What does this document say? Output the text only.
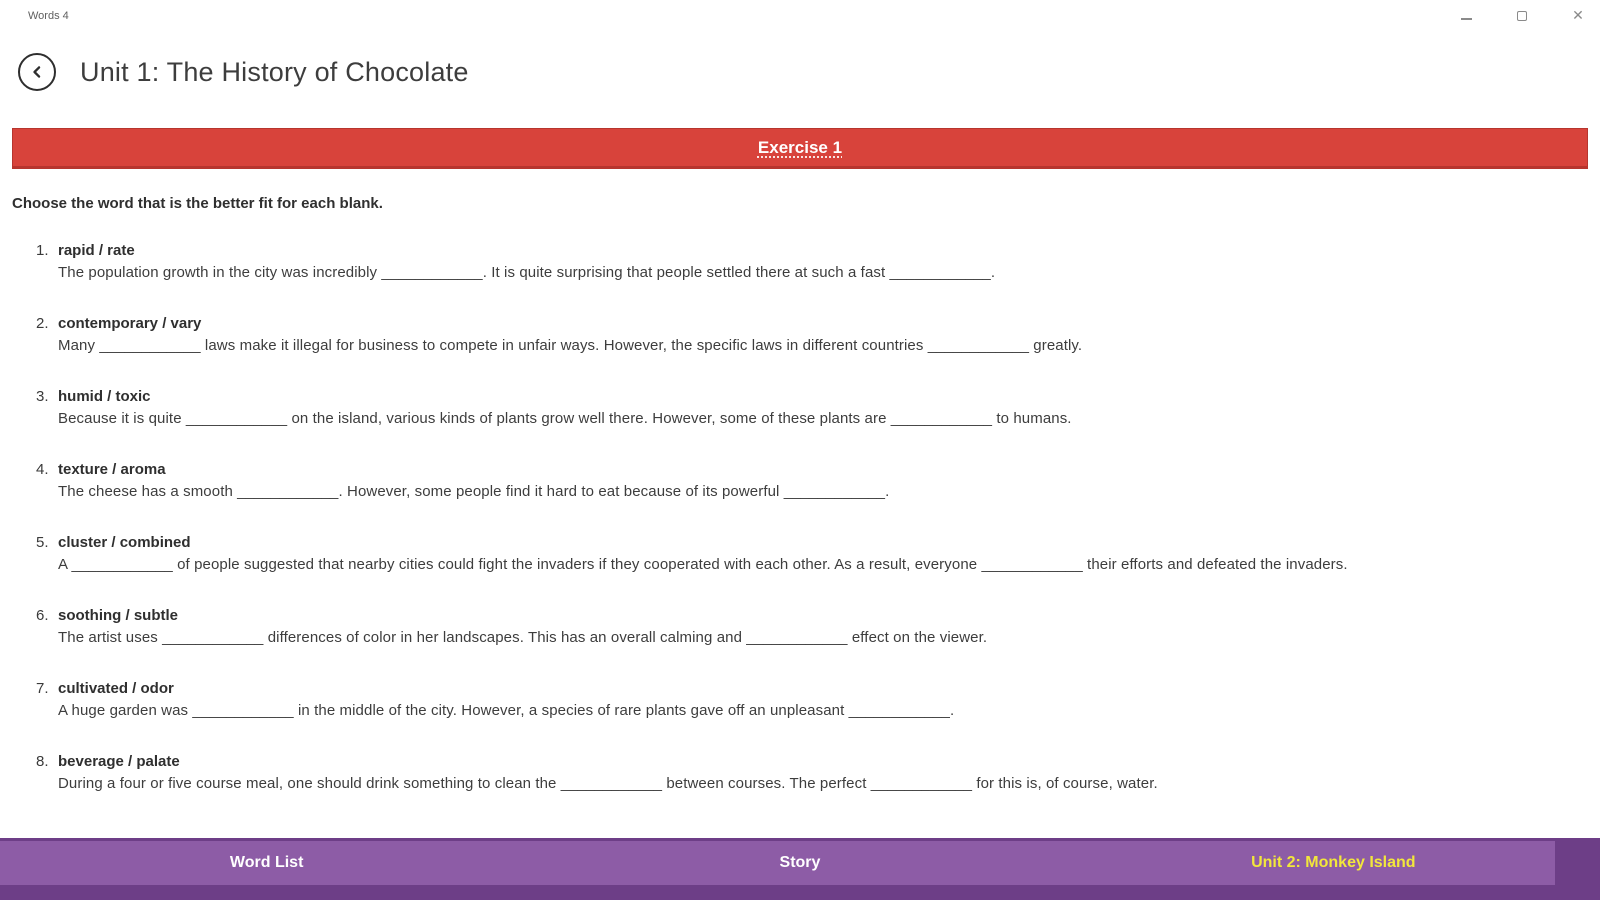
Words 4	✕
Unit 1: The History of Chocolate
Exercise 1
Choose the word that is the better fit for each blank.
1. rapid / rate
The population growth in the city was incredibly ____________. It is quite surprising that people settled there at such a fast ____________.
2. contemporary / vary
Many ____________ laws make it illegal for business to compete in unfair ways. However, the specific laws in different countries ____________ greatly.
3. humid / toxic
Because it is quite ____________ on the island, various kinds of plants grow well there. However, some of these plants are ____________ to humans.
4. texture / aroma
The cheese has a smooth ____________. However, some people find it hard to eat because of its powerful ____________.
5. cluster / combined
A ____________ of people suggested that nearby cities could fight the invaders if they cooperated with each other. As a result, everyone ____________ their efforts and defeated the invaders.
6. soothing / subtle
The artist uses ____________ differences of color in her landscapes. This has an overall calming and ____________ effect on the viewer.
7. cultivated / odor
A huge garden was ____________ in the middle of the city. However, a species of rare plants gave off an unpleasant ____________.
8. beverage / palate
During a four or five course meal, one should drink something to clean the ____________ between courses. The perfect ____________ for this is, of course, water.
Word List	Story	Unit 2: Monkey Island
